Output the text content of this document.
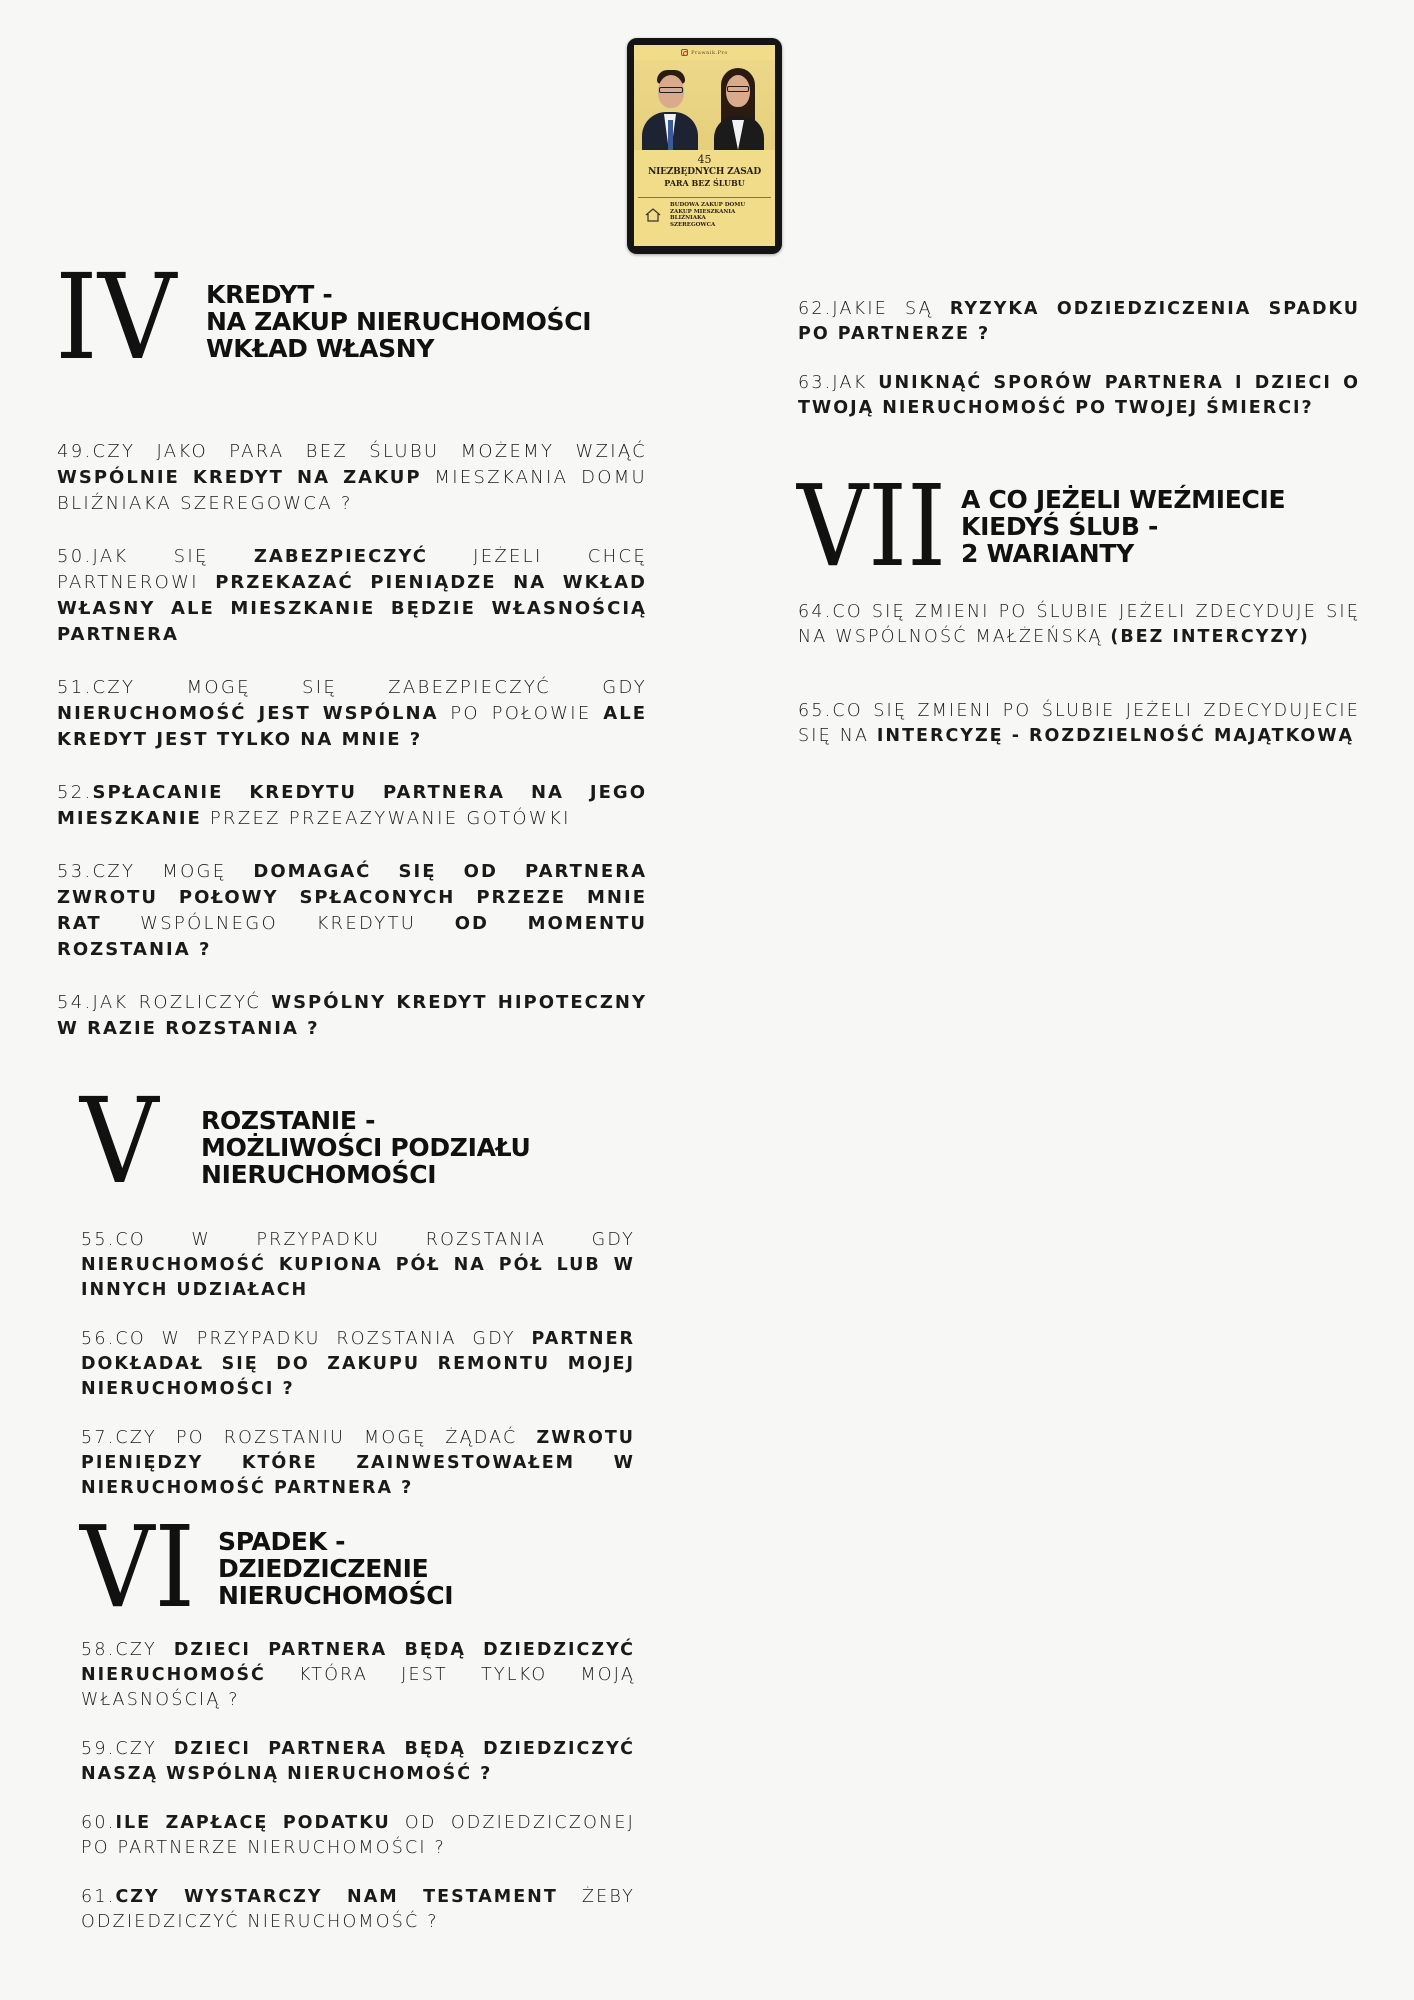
Prawnik.Pro
45
NIEZBĘDNYCH ZASAD
PARA BEZ ŚLUBU
BUDOWA ZAKUP DOMU
ZAKUP MIESZKANIA
BLIŹNIAKA
SZEREGOWCA
IV KREDYT -
NA ZAKUP NIERUCHOMOŚCI
WKŁAD WŁASNY
49.CZY JAKO PARA BEZ ŚLUBU MOŻEMY WZIĄĆ WSPÓLNIE KREDYT NA ZAKUP MIESZKANIA DOMU BLIŹNIAKA SZEREGOWCA ?
50.JAK SIĘ ZABEZPIECZYĆ JEŻELI CHCĘ PARTNEROWI PRZEKAZAĆ PIENIĄDZE NA WKŁAD WŁASNY ALE MIESZKANIE BĘDZIE WŁASNOŚCIĄ PARTNERA
51.CZY MOGĘ SIĘ ZABEZPIECZYĆ GDY NIERUCHOMOŚĆ JEST WSPÓLNA PO POŁOWIE ALE KREDYT JEST TYLKO NA MNIE ?
52.SPŁACANIE KREDYTU PARTNERA NA JEGO MIESZKANIE PRZEZ PRZEAZYWANIE GOTÓWKI
53.CZY MOGĘ DOMAGAĆ SIĘ OD PARTNERA ZWROTU POŁOWY SPŁACONYCH PRZEZE MNIE RAT WSPÓLNEGO KREDYTU OD MOMENTU ROZSTANIA ?
54.JAK ROZLICZYĆ WSPÓLNY KREDYT HIPOTECZNY W RAZIE ROZSTANIA ?
V ROZSTANIE -
MOŻLIWOŚCI PODZIAŁU
NIERUCHOMOŚCI
55.CO W PRZYPADKU ROZSTANIA GDY NIERUCHOMOŚĆ KUPIONA PÓŁ NA PÓŁ LUB W INNYCH UDZIAŁACH
56.CO W PRZYPADKU ROZSTANIA GDY PARTNER DOKŁADAŁ SIĘ DO ZAKUPU REMONTU MOJEJ NIERUCHOMOŚCI ?
57.CZY PO ROZSTANIU MOGĘ ŻĄDAĆ ZWROTU PIENIĘDZY KTÓRE ZAINWESTOWAŁEM W NIERUCHOMOŚĆ PARTNERA ?
VI SPADEK -
DZIEDZICZENIE
NIERUCHOMOŚCI
58.CZY DZIECI PARTNERA BĘDĄ DZIEDZICZYĆ NIERUCHOMOŚĆ KTÓRA JEST TYLKO MOJĄ WŁASNOŚCIĄ ?
59.CZY DZIECI PARTNERA BĘDĄ DZIEDZICZYĆ NASZĄ WSPÓLNĄ NIERUCHOMOŚĆ ?
60.ILE ZAPŁACĘ PODATKU OD ODZIEDZICZONEJ PO PARTNERZE NIERUCHOMOŚCI ?
61.CZY WYSTARCZY NAM TESTAMENT ŻEBY ODZIEDZICZYĆ NIERUCHOMOŚĆ ?
62.JAKIE SĄ RYZYKA ODZIEDZICZENIA SPADKU PO PARTNERZE ?
63.JAK UNIKNĄĆ SPORÓW PARTNERA I DZIECI O TWOJĄ NIERUCHOMOŚĆ PO TWOJEJ ŚMIERCI?
VII A CO JEŻELI WEŹMIECIE
KIEDYŚ ŚLUB -
2 WARIANTY
64.CO SIĘ ZMIENI PO ŚLUBIE JEŻELI ZDECYDUJE SIĘ NA WSPÓLNOŚĆ MAŁŻEŃSKĄ (BEZ INTERCYZY)
65.CO SIĘ ZMIENI PO ŚLUBIE JEŻELI ZDECYDUJECIE SIĘ NA INTERCYZĘ - ROZDZIELNOŚĆ MAJĄTKOWĄ
